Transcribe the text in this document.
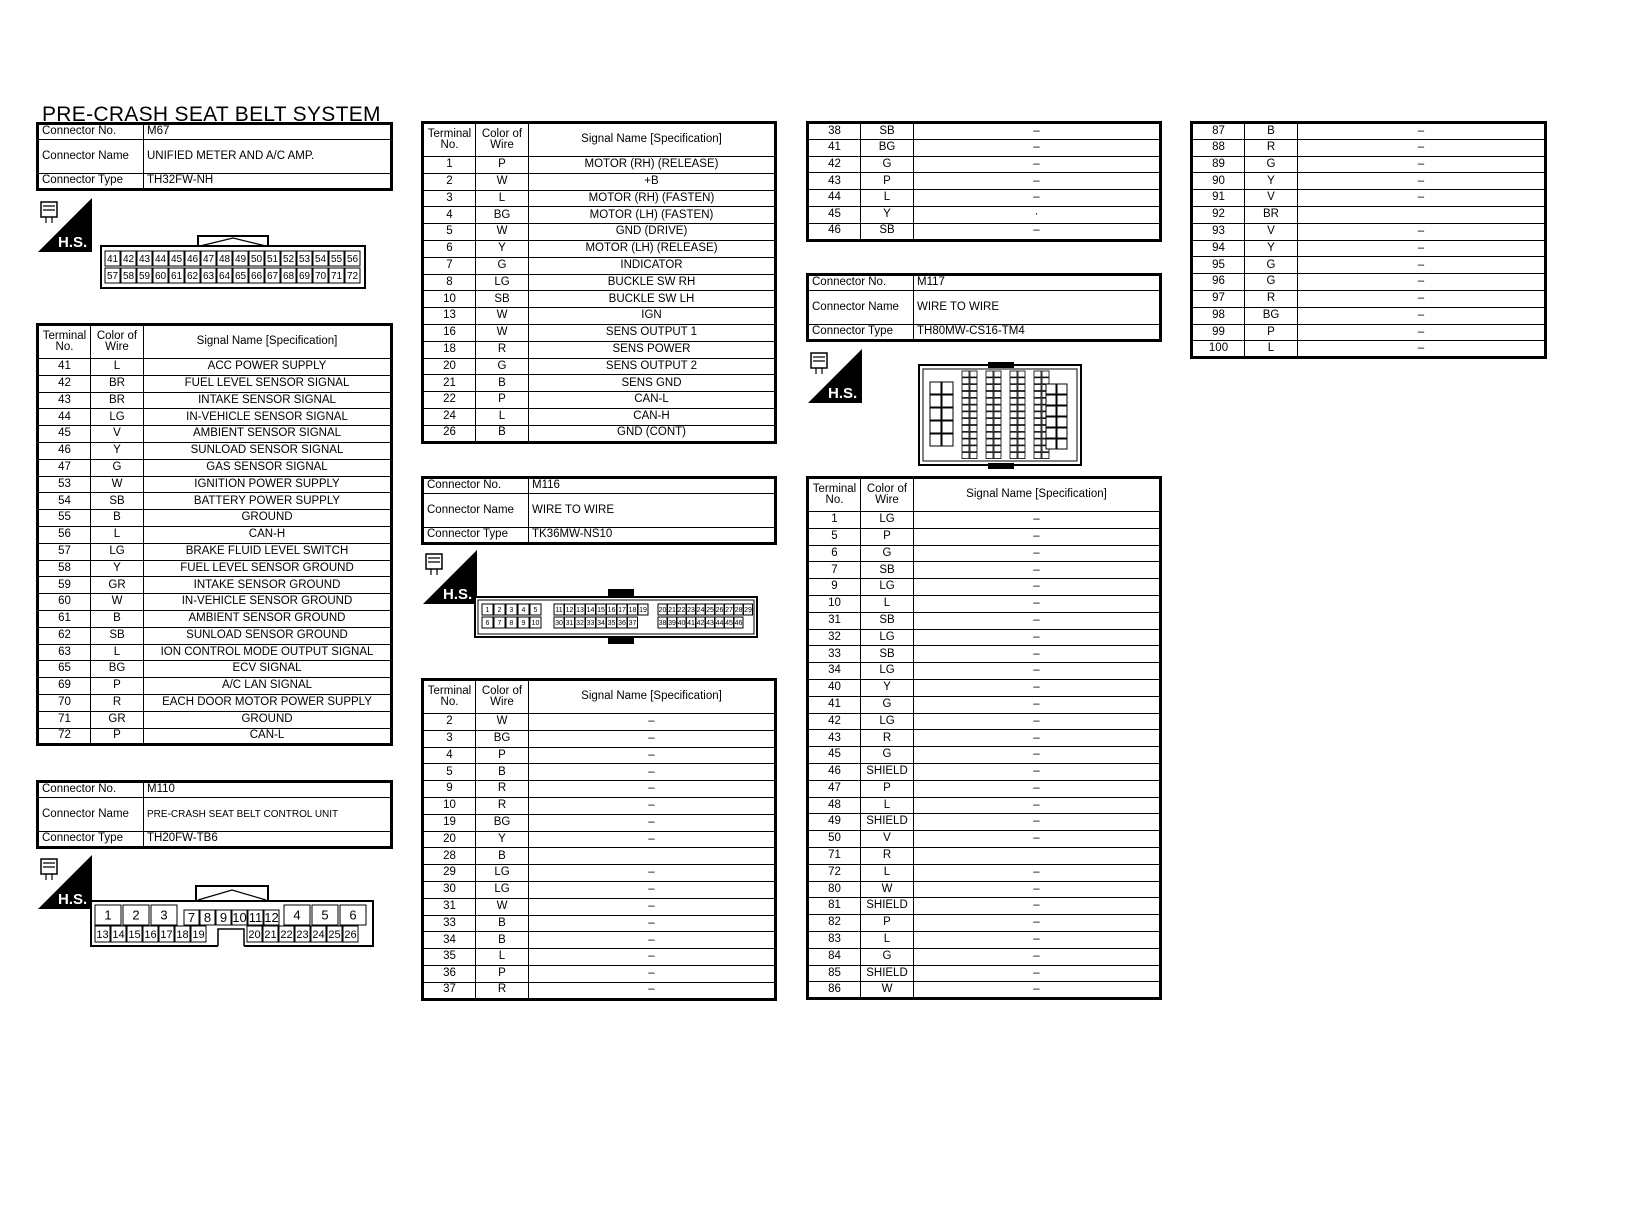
PRE-CRASH SEAT BELT SYSTEM
Connector No.	M67
Connector Name	UNIFIED METER AND A/C AMP.
Connector Type	TH32FW-NH
H.S.
41 42 43 44 45 46 47 48 49 50 51 52 53 54 55 56
57 58 59 60 61 62 63 64 65 66 67 68 69 70 71 72
Terminal No.	Color of Wire	Signal Name [Specification]
41	L	ACC POWER SUPPLY
42	BR	FUEL LEVEL SENSOR SIGNAL
43	BR	INTAKE SENSOR SIGNAL
44	LG	IN-VEHICLE SENSOR SIGNAL
45	V	AMBIENT SENSOR SIGNAL
46	Y	SUNLOAD SENSOR SIGNAL
47	G	GAS SENSOR SIGNAL
53	W	IGNITION POWER SUPPLY
54	SB	BATTERY POWER SUPPLY
55	B	GROUND
56	L	CAN-H
57	LG	BRAKE FLUID LEVEL SWITCH
58	Y	FUEL LEVEL SENSOR GROUND
59	GR	INTAKE SENSOR GROUND
60	W	IN-VEHICLE SENSOR GROUND
61	B	AMBIENT SENSOR GROUND
62	SB	SUNLOAD SENSOR GROUND
63	L	ION CONTROL MODE OUTPUT SIGNAL
65	BG	ECV SIGNAL
69	P	A/C LAN SIGNAL
70	R	EACH DOOR MOTOR POWER SUPPLY
71	GR	GROUND
72	P	CAN-L
Connector No.	M110
Connector Name	PRE-CRASH SEAT BELT CONTROL UNIT
Connector Type	TH20FW-TB6
H.S.
1 2 3 7 8 9 10 11 12 4 5 6
13 14 15 16 17 18 19	20 21 22 23 24 25 26
Terminal No.	Color of Wire	Signal Name [Specification]
1	P	MOTOR (RH) (RELEASE)
2	W	+B
3	L	MOTOR (RH) (FASTEN)
4	BG	MOTOR (LH) (FASTEN)
5	W	GND (DRIVE)
6	Y	MOTOR (LH) (RELEASE)
7	G	INDICATOR
8	LG	BUCKLE SW RH
10	SB	BUCKLE SW LH
13	W	IGN
16	W	SENS OUTPUT 1
18	R	SENS POWER
20	G	SENS OUTPUT 2
21	B	SENS GND
22	P	CAN-L
24	L	CAN-H
26	B	GND (CONT)
Connector No.	M116
Connector Name	WIRE TO WIRE
Connector Type	TK36MW-NS10
H.S.
1 2 3 4 5	11 12 13 14 15 16 17 18 19 20 21 22 23 24 25 26 27 28 29
6 7 8 9 10 30 31 32 33 34 35 36 37	38 39 40 41 42 43 44 45 46
Terminal No.	Color of Wire	Signal Name [Specification]
2	W	–
3	BG	–
4	P	–
5	B	–
9	R	–
10	R	–
19	BG	–
20	Y	–
28	B	
29	LG	–
30	LG	–
31	W	–
33	B	–
34	B	–
35	L	–
36	P	–
37	R	–
38	SB	–
41	BG	–
42	G	–
43	P	–
44	L	–
45	Y	·
46	SB	–
Connector No.	M117
Connector Name	WIRE TO WIRE
Connector Type	TH80MW-CS16-TM4
H.S.
Terminal No.	Color of Wire	Signal Name [Specification]
1	LG	–
5	P	–
6	G	–
7	SB	–
9	LG	–
10	L	–
31	SB	–
32	LG	–
33	SB	–
34	LG	–
40	Y	–
41	G	–
42	LG	–
43	R	–
45	G	–
46	SHIELD	–
47	P	–
48	L	–
49	SHIELD	–
50	V	–
71	R	
72	L	–
80	W	–
81	SHIELD	–
82	P	–
83	L	–
84	G	–
85	SHIELD	–
86	W	–
87	B	–
88	R	–
89	G	–
90	Y	–
91	V	–
92	BR	
93	V	–
94	Y	–
95	G	–
96	G	–
97	R	–
98	BG	–
99	P	–
100	L	–
